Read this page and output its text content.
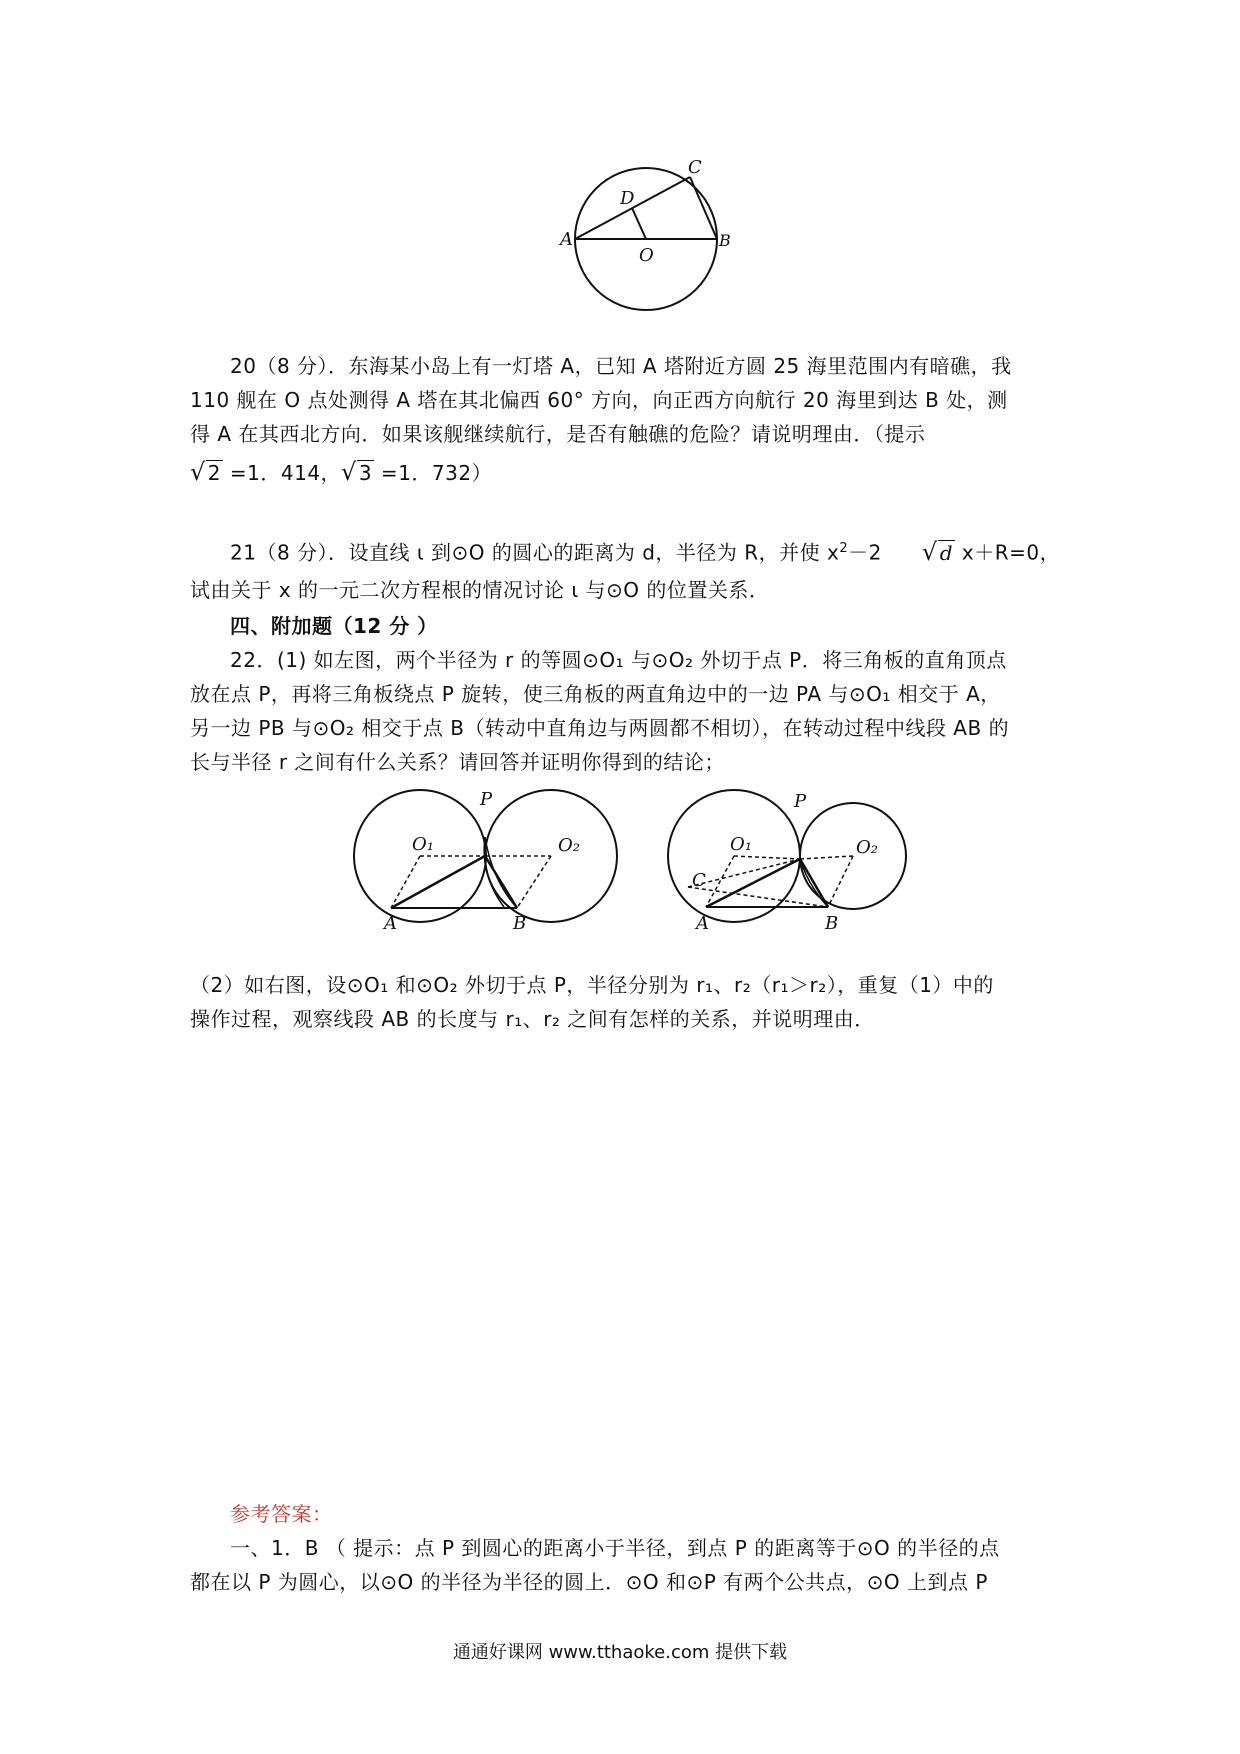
A	B
C
D
O
20（8 分）．东海某小岛上有一灯塔 A，已知 A 塔附近方圆 25 海里范围内有暗礁，我
110 舰在 O 点处测得 A 塔在其北偏西 60° 方向，向正西方向航行 20 海里到达 B 处，测
得 A 在其西北方向．如果该舰继续航行，是否有触礁的危险？请说明理由．（提示
√ 2 =1．414，√ 3 =1．732）
21（8 分）．设直线 ι 到⊙O 的圆心的距离为 d，半径为 R，并使 $x^2-2$ √ d x＋R=0，
试由关于 x 的一元二次方程根的情况讨论 ι 与⊙O 的位置关系．
四、附加题（12 分 ）
22．(1) 如左图，两个半径为 r 的等圆⊙O₁ 与⊙O₂ 外切于点 P．将三角板的直角顶点
放在点 P，再将三角板绕点 P 旋转，使三角板的两直角边中的一边 PA 与⊙O₁ 相交于 A，
另一边 PB 与⊙O₂ 相交于点 B（转动中直角边与两圆都不相切），在转动过程中线段 AB 的
长与半径 r 之间有什么关系？请回答并证明你得到的结论；
P
O₁	O₂
A	B
P
O₁	O₂
C
A	B
（2）如右图，设⊙O₁ 和⊙O₂ 外切于点 P，半径分别为 r₁、r₂（r₁＞r₂），重复（1）中的
操作过程，观察线段 AB 的长度与 r₁、r₂ 之间有怎样的关系，并说明理由．
参考答案：
一、1．B （ 提示：点 P 到圆心的距离小于半径，到点 P 的距离等于⊙O 的半径的点
都在以 P 为圆心，以⊙O 的半径为半径的圆上．⊙O 和⊙P 有两个公共点，⊙O 上到点 P
通通好课网 www.tthaoke.com 提供下载
